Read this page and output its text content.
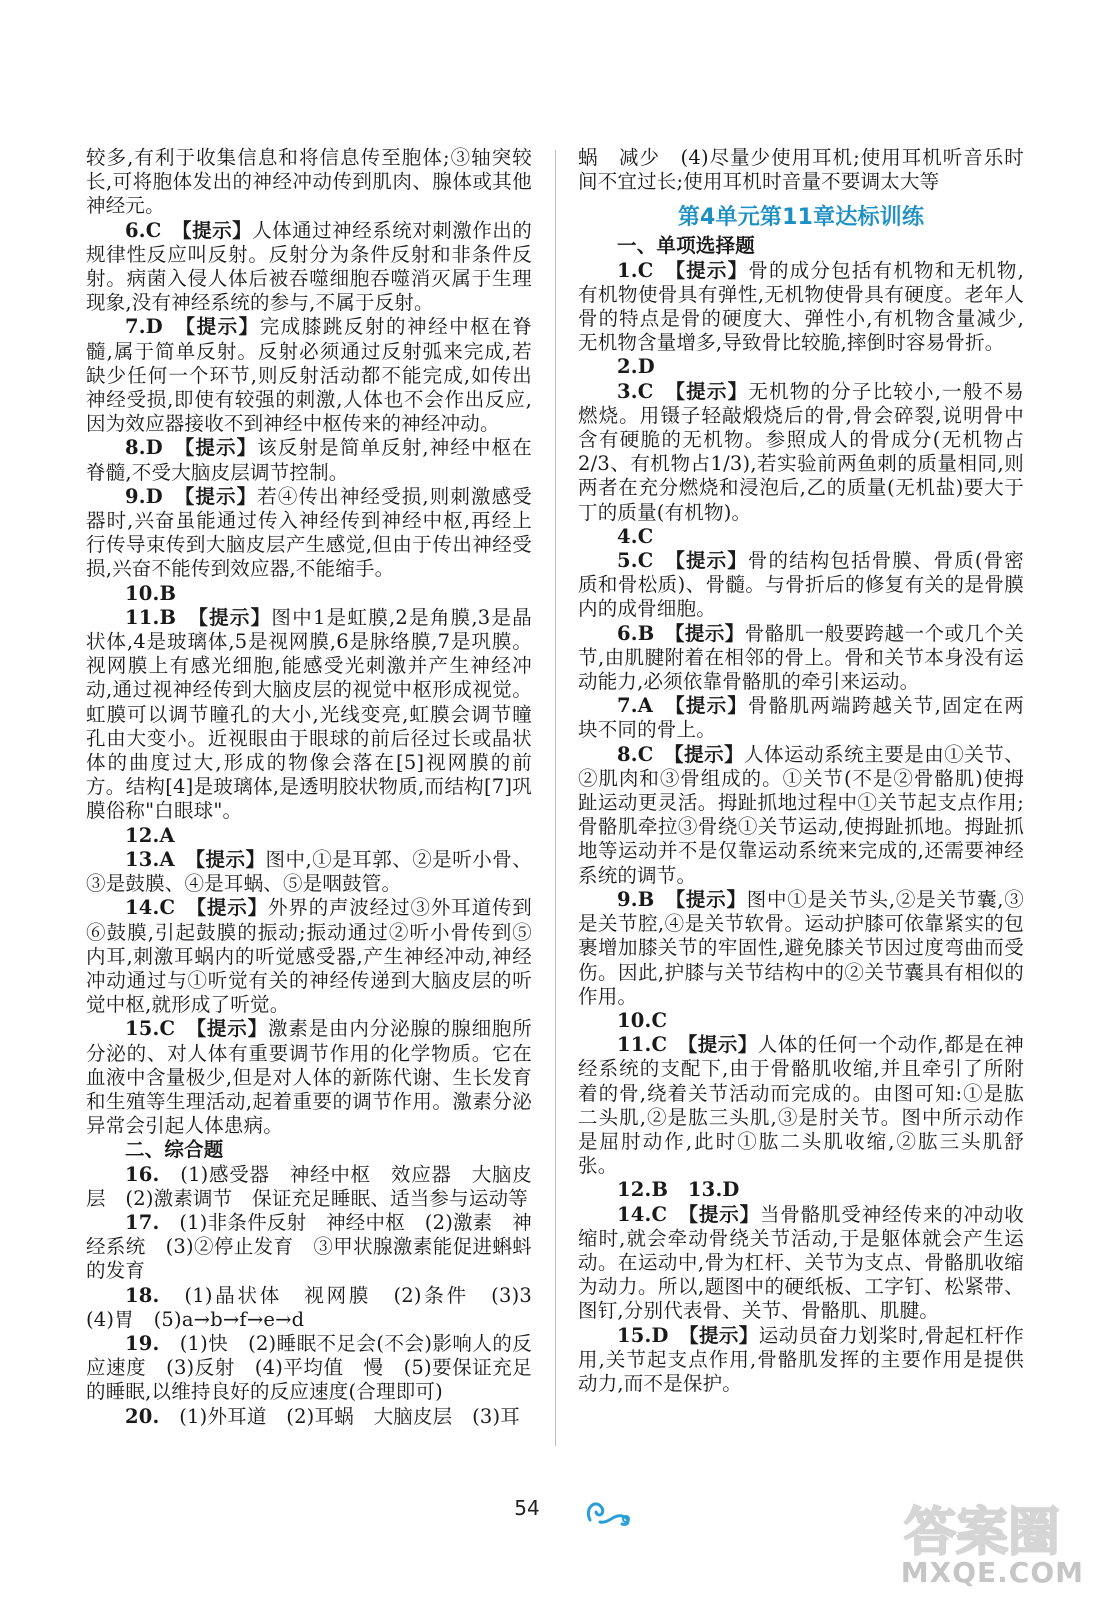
较多,有利于收集信息和将信息传至胞体;③轴突较长,可将胞体发出的神经冲动传到肌肉、腺体或其他神经元。

6.C　【提示】人体通过神经系统对刺激作出的规律性反应叫反射。反射分为条件反射和非条件反射。病菌入侵人体后被吞噬细胞吞噬消灭属于生理现象,没有神经系统的参与,不属于反射。

7.D　【提示】完成膝跳反射的神经中枢在脊髓,属于简单反射。反射必须通过反射弧来完成,若缺少任何一个环节,则反射活动都不能完成,如传出神经受损,即使有较强的刺激,人体也不会作出反应,因为效应器接收不到神经中枢传来的神经冲动。

8.D　【提示】该反射是简单反射,神经中枢在脊髓,不受大脑皮层调节控制。

9.D　【提示】若④传出神经受损,则刺激感受器时,兴奋虽能通过传入神经传到神经中枢,再经上行传导束传到大脑皮层产生感觉,但由于传出神经受损,兴奋不能传到效应器,不能缩手。

10.B

11.B　【提示】图中1是虹膜,2是角膜,3是晶状体,4是玻璃体,5是视网膜,6是脉络膜,7是巩膜。视网膜上有感光细胞,能感受光刺激并产生神经冲动,通过视神经传到大脑皮层的视觉中枢形成视觉。虹膜可以调节瞳孔的大小,光线变亮,虹膜会调节瞳孔由大变小。近视眼由于眼球的前后径过长或晶状体的曲度过大,形成的物像会落在[5]视网膜的前方。结构[4]是玻璃体,是透明胶状物质,而结构[7]巩膜俗称"白眼球"。

12.A

13.A　【提示】图中,①是耳郭、②是听小骨、③是鼓膜、④是耳蜗、⑤是咽鼓管。

14.C　【提示】外界的声波经过③外耳道传到⑥鼓膜,引起鼓膜的振动;振动通过②听小骨传到⑤内耳,刺激耳蜗内的听觉感受器,产生神经冲动,神经冲动通过与①听觉有关的神经传递到大脑皮层的听觉中枢,就形成了听觉。

15.C　【提示】激素是由内分泌腺的腺细胞所分泌的、对人体有重要调节作用的化学物质。它在血液中含量极少,但是对人体的新陈代谢、生长发育和生殖等生理活动,起着重要的调节作用。激素分泌异常会引起人体患病。

二、综合题

16.　(1)感受器　神经中枢　效应器　大脑皮层　(2)激素调节　保证充足睡眠、适当参与运动等

17.　(1)非条件反射　神经中枢　(2)激素　神经系统　(3)②停止发育　③甲状腺激素能促进蝌蚪的发育

18.　(1)晶状体　视网膜　(2)条件　(3)3　(4)胃　(5)a→b→f→e→d

19.　(1)快　(2)睡眠不足会(不会)影响人的反应速度　(3)反射　(4)平均值　慢　(5)要保证充足的睡眠,以维持良好的反应速度(合理即可)

20.　(1)外耳道　(2)耳蜗　大脑皮层　(3)耳

蜗　减少　(4)尽量少使用耳机;使用耳机听音乐时间不宜过长;使用耳机时音量不要调太大等

第4单元第11章达标训练

一、单项选择题

1.C　【提示】骨的成分包括有机物和无机物,有机物使骨具有弹性,无机物使骨具有硬度。老年人骨的特点是骨的硬度大、弹性小,有机物含量减少,无机物含量增多,导致骨比较脆,摔倒时容易骨折。

2.D

3.C　【提示】无机物的分子比较小,一般不易燃烧。用镊子轻敲煅烧后的骨,骨会碎裂,说明骨中含有硬脆的无机物。参照成人的骨成分(无机物占2/3、有机物占1/3),若实验前两鱼刺的质量相同,则两者在充分燃烧和浸泡后,乙的质量(无机盐)要大于丁的质量(有机物)。

4.C

5.C　【提示】骨的结构包括骨膜、骨质(骨密质和骨松质)、骨髓。与骨折后的修复有关的是骨膜内的成骨细胞。

6.B　【提示】骨骼肌一般要跨越一个或几个关节,由肌腱附着在相邻的骨上。骨和关节本身没有运动能力,必须依靠骨骼肌的牵引来运动。

7.A　【提示】骨骼肌两端跨越关节,固定在两块不同的骨上。

8.C　【提示】人体运动系统主要是由①关节、②肌肉和③骨组成的。①关节(不是②骨骼肌)使拇趾运动更灵活。拇趾抓地过程中①关节起支点作用;骨骼肌牵拉③骨绕①关节运动,使拇趾抓地。拇趾抓地等运动并不是仅靠运动系统来完成的,还需要神经系统的调节。

9.B　【提示】图中①是关节头,②是关节囊,③是关节腔,④是关节软骨。运动护膝可依靠紧实的包裹增加膝关节的牢固性,避免膝关节因过度弯曲而受伤。因此,护膝与关节结构中的②关节囊具有相似的作用。

10.C

11.C　【提示】人体的任何一个动作,都是在神经系统的支配下,由于骨骼肌收缩,并且牵引了所附着的骨,绕着关节活动而完成的。由图可知:①是肱二头肌,②是肱三头肌,③是肘关节。图中所示动作是屈肘动作,此时①肱二头肌收缩,②肱三头肌舒张。

12.B　13.D

14.C　【提示】当骨骼肌受神经传来的冲动收缩时,就会牵动骨绕关节活动,于是躯体就会产生运动。在运动中,骨为杠杆、关节为支点、骨骼肌收缩为动力。所以,题图中的硬纸板、工字钉、松紧带、图钉,分别代表骨、关节、骨骼肌、肌腱。

15.D　【提示】运动员奋力划桨时,骨起杠杆作用,关节起支点作用,骨骼肌发挥的主要作用是提供动力,而不是保护。

54	答案圈
MXQE.COM
